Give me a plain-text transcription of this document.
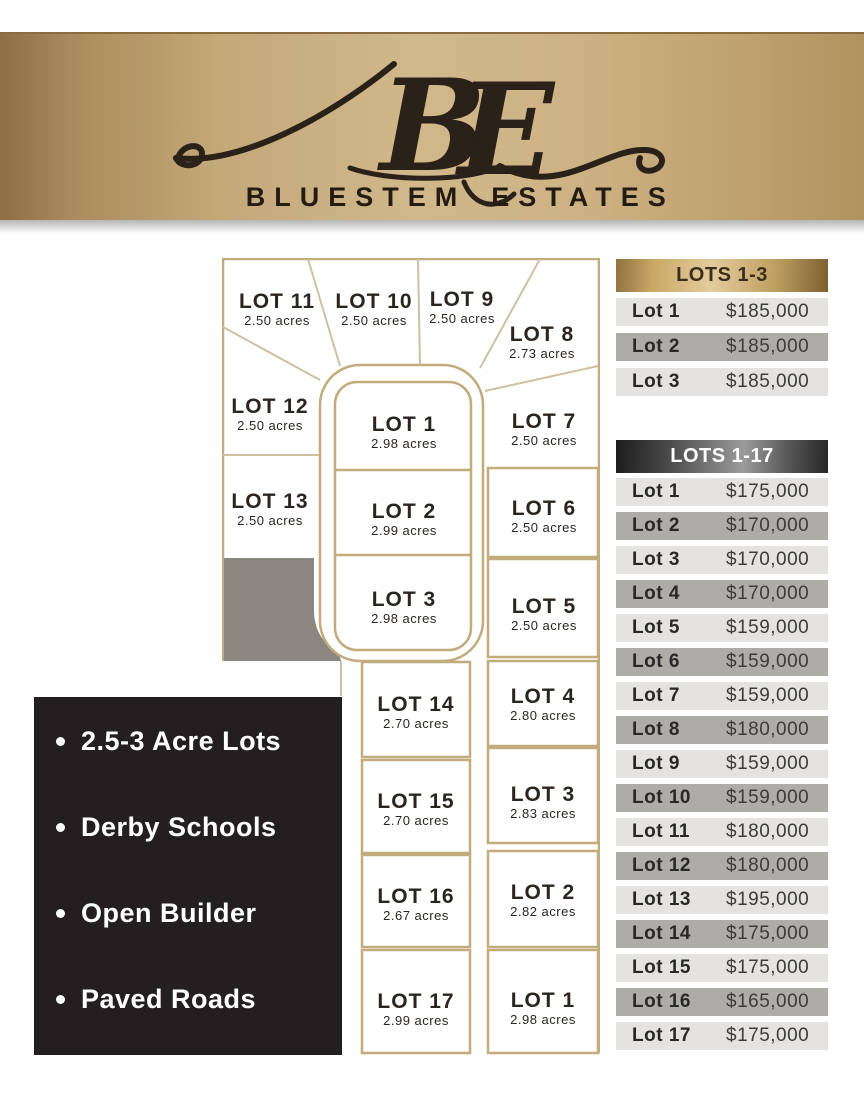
B
E
BLUESTEM ESTATES
LOT 11
2.50 acres
LOT 10
2.50 acres
LOT 9
2.50 acres
LOT 8
2.73 acres
LOT 12
2.50 acres	LOT 1
2.98 acres
LOT 7
2.50 acres
LOT 13
2.50 acres	LOT 2
2.99 acres
LOT 6
2.50 acres
LOT 3
2.98 acres
LOT 5
2.50 acres
LOT 14
2.70 acres
LOT 4
2.80 acres
LOT 15
2.70 acres
LOT 3
2.83 acres
LOT 16
2.67 acres
LOT 2
2.82 acres
LOT 17
2.99 acres
LOT 1
2.98 acres
2.5-3 Acre Lots
Derby Schools
Open Builder
Paved Roads
LOTS 1-3
Lot 1 $185,000
Lot 2 $185,000
Lot 3 $185,000
LOTS 1-17
Lot 1 $175,000
Lot 2 $170,000
Lot 3 $170,000
Lot 4 $170,000
Lot 5 $159,000
Lot 6 $159,000
Lot 7 $159,000
Lot 8 $180,000
Lot 9 $159,000
Lot 10 $159,000
Lot 11 $180,000
Lot 12 $180,000
Lot 13 $195,000
Lot 14 $175,000
Lot 15 $175,000
Lot 16 $165,000
Lot 17 $175,000
